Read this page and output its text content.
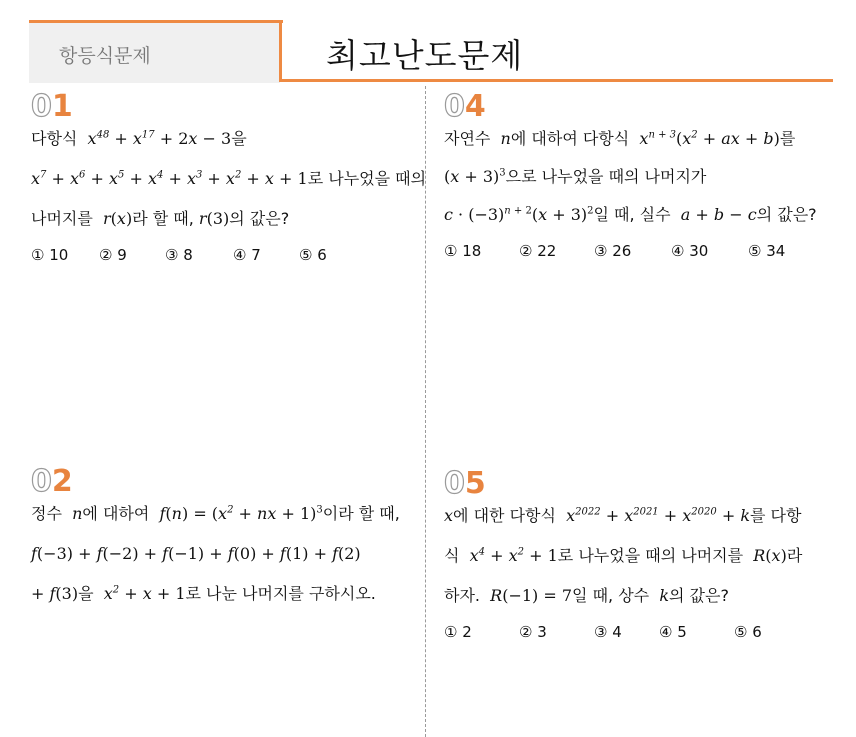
항등식문제	최고난도문제
01
다항식 $x^{48} + x^{17} + 2x - 3$을
$x^7 + x^6 + x^5 + x^4 + x^3 + x^2 + x + 1$로 나누었을 때의
나머지를 r(x)라 할 때, r(3)의 값은?
① 10	② 9	③ 8	④ 7	⑤ 6
02
정수 n에 대하여 $f(n) = (x^2$ + nx + 1)$^3$이라 할 때,
f(−3) + f(−2) + f(−1) + f(0) + f(1) + f(2)
+ f(3)을 $x^2 + x + 1$로 나눈 나머지를 구하시오.
04
자연수 n에 대하여 다항식 $x^{n + 3}(x^2$ + ax + b)를
$(x + 3)^3$으로 나누었을 때의 나머지가
$c \cdot (-3)^{n + 2}(x + 3)^2$일 때, 실수 a + b − c의 값은?
① 18	② 22	③ 26	④ 30	⑤ 34
05
x에 대한 다항식 $x^{2022} + x^{2021} + x^{2020} + k$를 다항
식 $x^4 + x^2 + 1$로 나누었을 때의 나머지를 R(x)라
하자. R(−1) = 7일 때, 상수 k의 값은?
① 2	② 3	③ 4	④ 5	⑤ 6
